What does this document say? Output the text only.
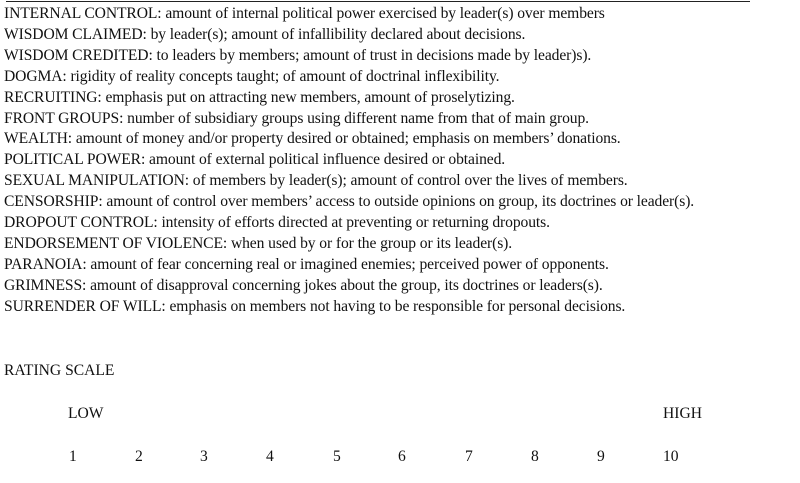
INTERNAL CONTROL: amount of internal political power exercised by leader(s) over members

WISDOM CLAIMED: by leader(s); amount of infallibility declared about decisions.

WISDOM CREDITED: to leaders by members; amount of trust in decisions made by leader)s).

DOGMA: rigidity of reality concepts taught; of amount of doctrinal inflexibility.

RECRUITING: emphasis put on attracting new members, amount of proselytizing.

FRONT GROUPS: number of subsidiary groups using different name from that of main group.

WEALTH: amount of money and/or property desired or obtained; emphasis on members’ donations.

POLITICAL POWER: amount of external political influence desired or obtained.

SEXUAL MANIPULATION: of members by leader(s); amount of control over the lives of members.

CENSORSHIP: amount of control over members’ access to outside opinions on group, its doctrines or leader(s).

DROPOUT CONTROL: intensity of efforts directed at preventing or returning dropouts.

ENDORSEMENT OF VIOLENCE: when used by or for the group or its leader(s).

PARANOIA: amount of fear concerning real or imagined enemies; perceived power of opponents.

GRIMNESS: amount of disapproval concerning jokes about the group, its doctrines or leaders(s).

SURRENDER OF WILL: emphasis on members not having to be responsible for personal decisions.

RATING SCALE
LOW	HIGH
1	2	3	4	5	6	7	8	9	10
